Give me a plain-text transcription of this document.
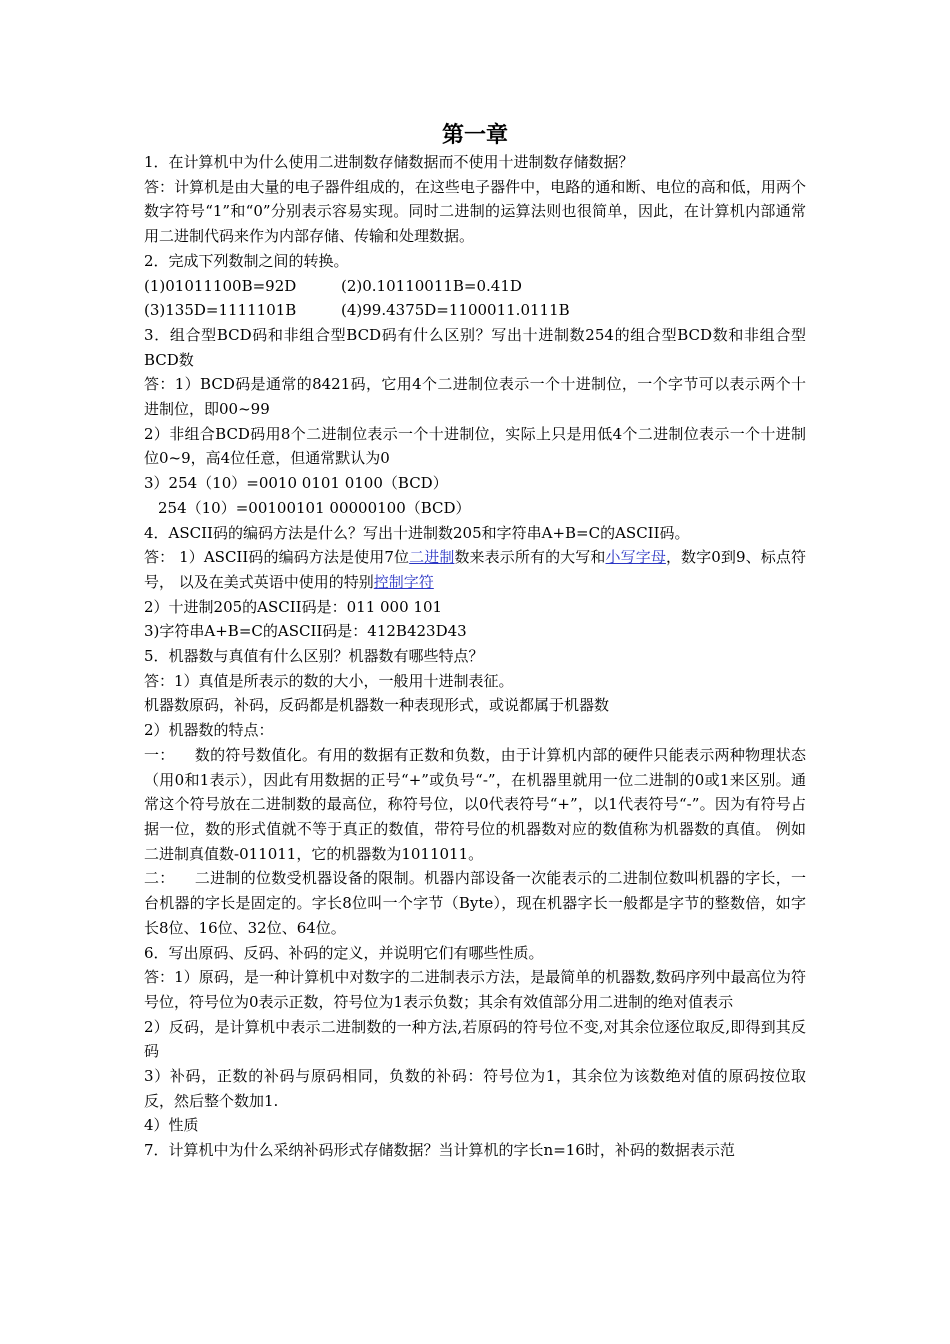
第一章

1．在计算机中为什么使用二进制数存储数据而不使用十进制数存储数据？

答：计算机是由大量的电子器件组成的，在这些电子器件中，电路的通和断、电位的高和低，用两个数字符号“1”和“0”分别表示容易实现。同时二进制的运算法则也很简单，因此，在计算机内部通常用二进制代码来作为内部存储、传输和处理数据。

2．完成下列数制之间的转换。

(1)01011100B=92D	(2)0.10110011B=0.41D
(3)135D=1111101B	(4)99.4375D=1100011.0111B

3．组合型BCD码和非组合型BCD码有什么区别？写出十进制数254的组合型BCD数和非组合型BCD数

答：1）BCD码是通常的8421码，它用4个二进制位表示一个十进制位，一个字节可以表示两个十进制位，即00~99

2）非组合BCD码用8个二进制位表示一个十进制位，实际上只是用低4个二进制位表示一个十进制位0~9，高4位任意，但通常默认为0

3）254（10）=0010 0101 0100（BCD）

254（10）=00100101 00000100（BCD）

4．ASCII码的编码方法是什么？写出十进制数205和字符串A+B=C的ASCII码。

答： 1）ASCII码的编码方法是使用7位二进制数来表示所有的大写和小写字母，数字0到9、标点符号， 以及在美式英语中使用的特别控制字符

2）十进制205的ASCII码是：011 000 101

3)字符串A+B=C的ASCII码是：412B423D43

5．机器数与真值有什么区别？机器数有哪些特点？

答：1）真值是所表示的数的大小，一般用十进制表征。

机器数原码，补码，反码都是机器数一种表现形式，或说都属于机器数

2）机器数的特点：

一： 数的符号数值化。有用的数据有正数和负数，由于计算机内部的硬件只能表示两种物理状态（用0和1表示），因此有用数据的正号“+”或负号“-”，在机器里就用一位二进制的0或1来区别。通常这个符号放在二进制数的最高位，称符号位，以0代表符号“+”，以1代表符号“-”。因为有符号占据一位，数的形式值就不等于真正的数值，带符号位的机器数对应的数值称为机器数的真值。 例如二进制真值数-011011，它的机器数为1011011。

二： 二进制的位数受机器设备的限制。机器内部设备一次能表示的二进制位数叫机器的字长，一台机器的字长是固定的。字长8位叫一个字节（Byte），现在机器字长一般都是字节的整数倍，如字长8位、16位、32位、64位。

6．写出原码、反码、补码的定义，并说明它们有哪些性质。

答：1）原码，是一种计算机中对数字的二进制表示方法，是最简单的机器数,数码序列中最高位为符号位，符号位为0表示正数，符号位为1表示负数；其余有效值部分用二进制的绝对值表示

2）反码，是计算机中表示二进制数的一种方法,若原码的符号位不变,对其余位逐位取反,即得到其反码

3）补码，正数的补码与原码相同，负数的补码：符号位为1，其余位为该数绝对值的原码按位取反，然后整个数加1.

4）性质

7．计算机中为什么采纳补码形式存储数据？当计算机的字长n=16时，补码的数据表示范
